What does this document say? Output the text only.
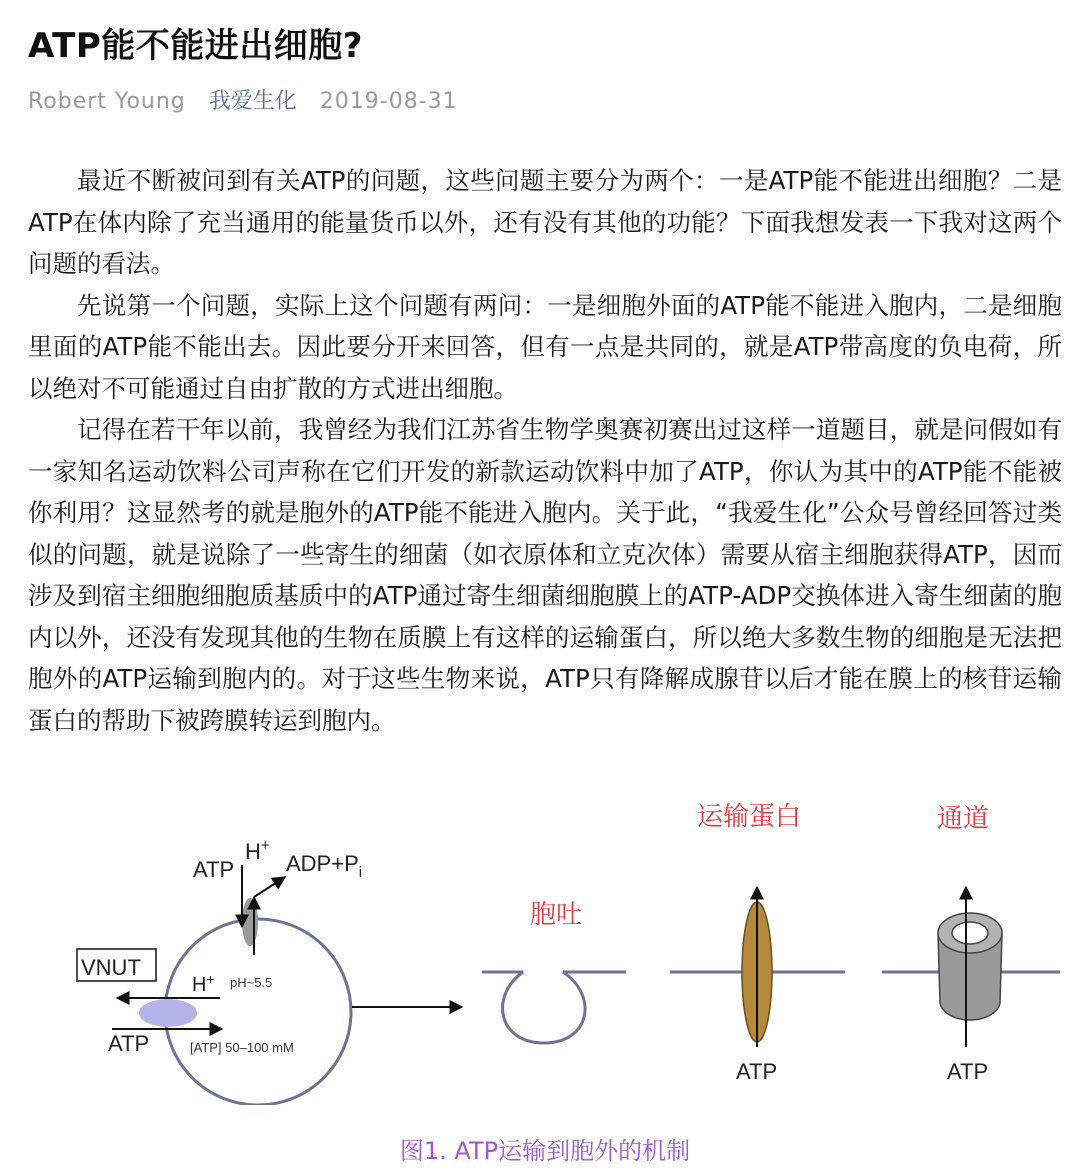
ATP能不能进出细胞?
Robert Young 我爱生化 2019-08-31

最近不断被问到有关ATP的问题，这些问题主要分为两个：一是ATP能不能进出细胞？二是ATP在体内除了充当通用的能量货币以外，还有没有其他的功能？下面我想发表一下我对这两个问题的看法。

先说第一个问题，实际上这个问题有两问：一是细胞外面的ATP能不能进入胞内，二是细胞里面的ATP能不能出去。因此要分开来回答，但有一点是共同的，就是ATP带高度的负电荷，所以绝对不可能通过自由扩散的方式进出细胞。

记得在若干年以前，我曾经为我们江苏省生物学奥赛初赛出过这样一道题目，就是问假如有一家知名运动饮料公司声称在它们开发的新款运动饮料中加了ATP，你认为其中的ATP能不能被你利用？这显然考的就是胞外的ATP能不能进入胞内。关于此，“我爱生化”公众号曾经回答过类似的问题，就是说除了一些寄生的细菌（如衣原体和立克次体）需要从宿主细胞获得ATP，因而涉及到宿主细胞细胞质基质中的ATP通过寄生细菌细胞膜上的ATP-ADP交换体进入寄生细菌的胞内以外，还没有发现其他的生物在质膜上有这样的运输蛋白，所以绝大多数生物的细胞是无法把胞外的ATP运输到胞内的。对于这些生物来说，ATP只有降解成腺苷以后才能在膜上的核苷运输蛋白的帮助下被跨膜转运到胞内。

ATP
H+
$ADP+P_i$
VNUT
ATP
H+ pH~5.5
[ATP] 50–100 mM
胞吐
运输蛋白
ATP
通道
ATP
图1. ATP运输到胞外的机制
